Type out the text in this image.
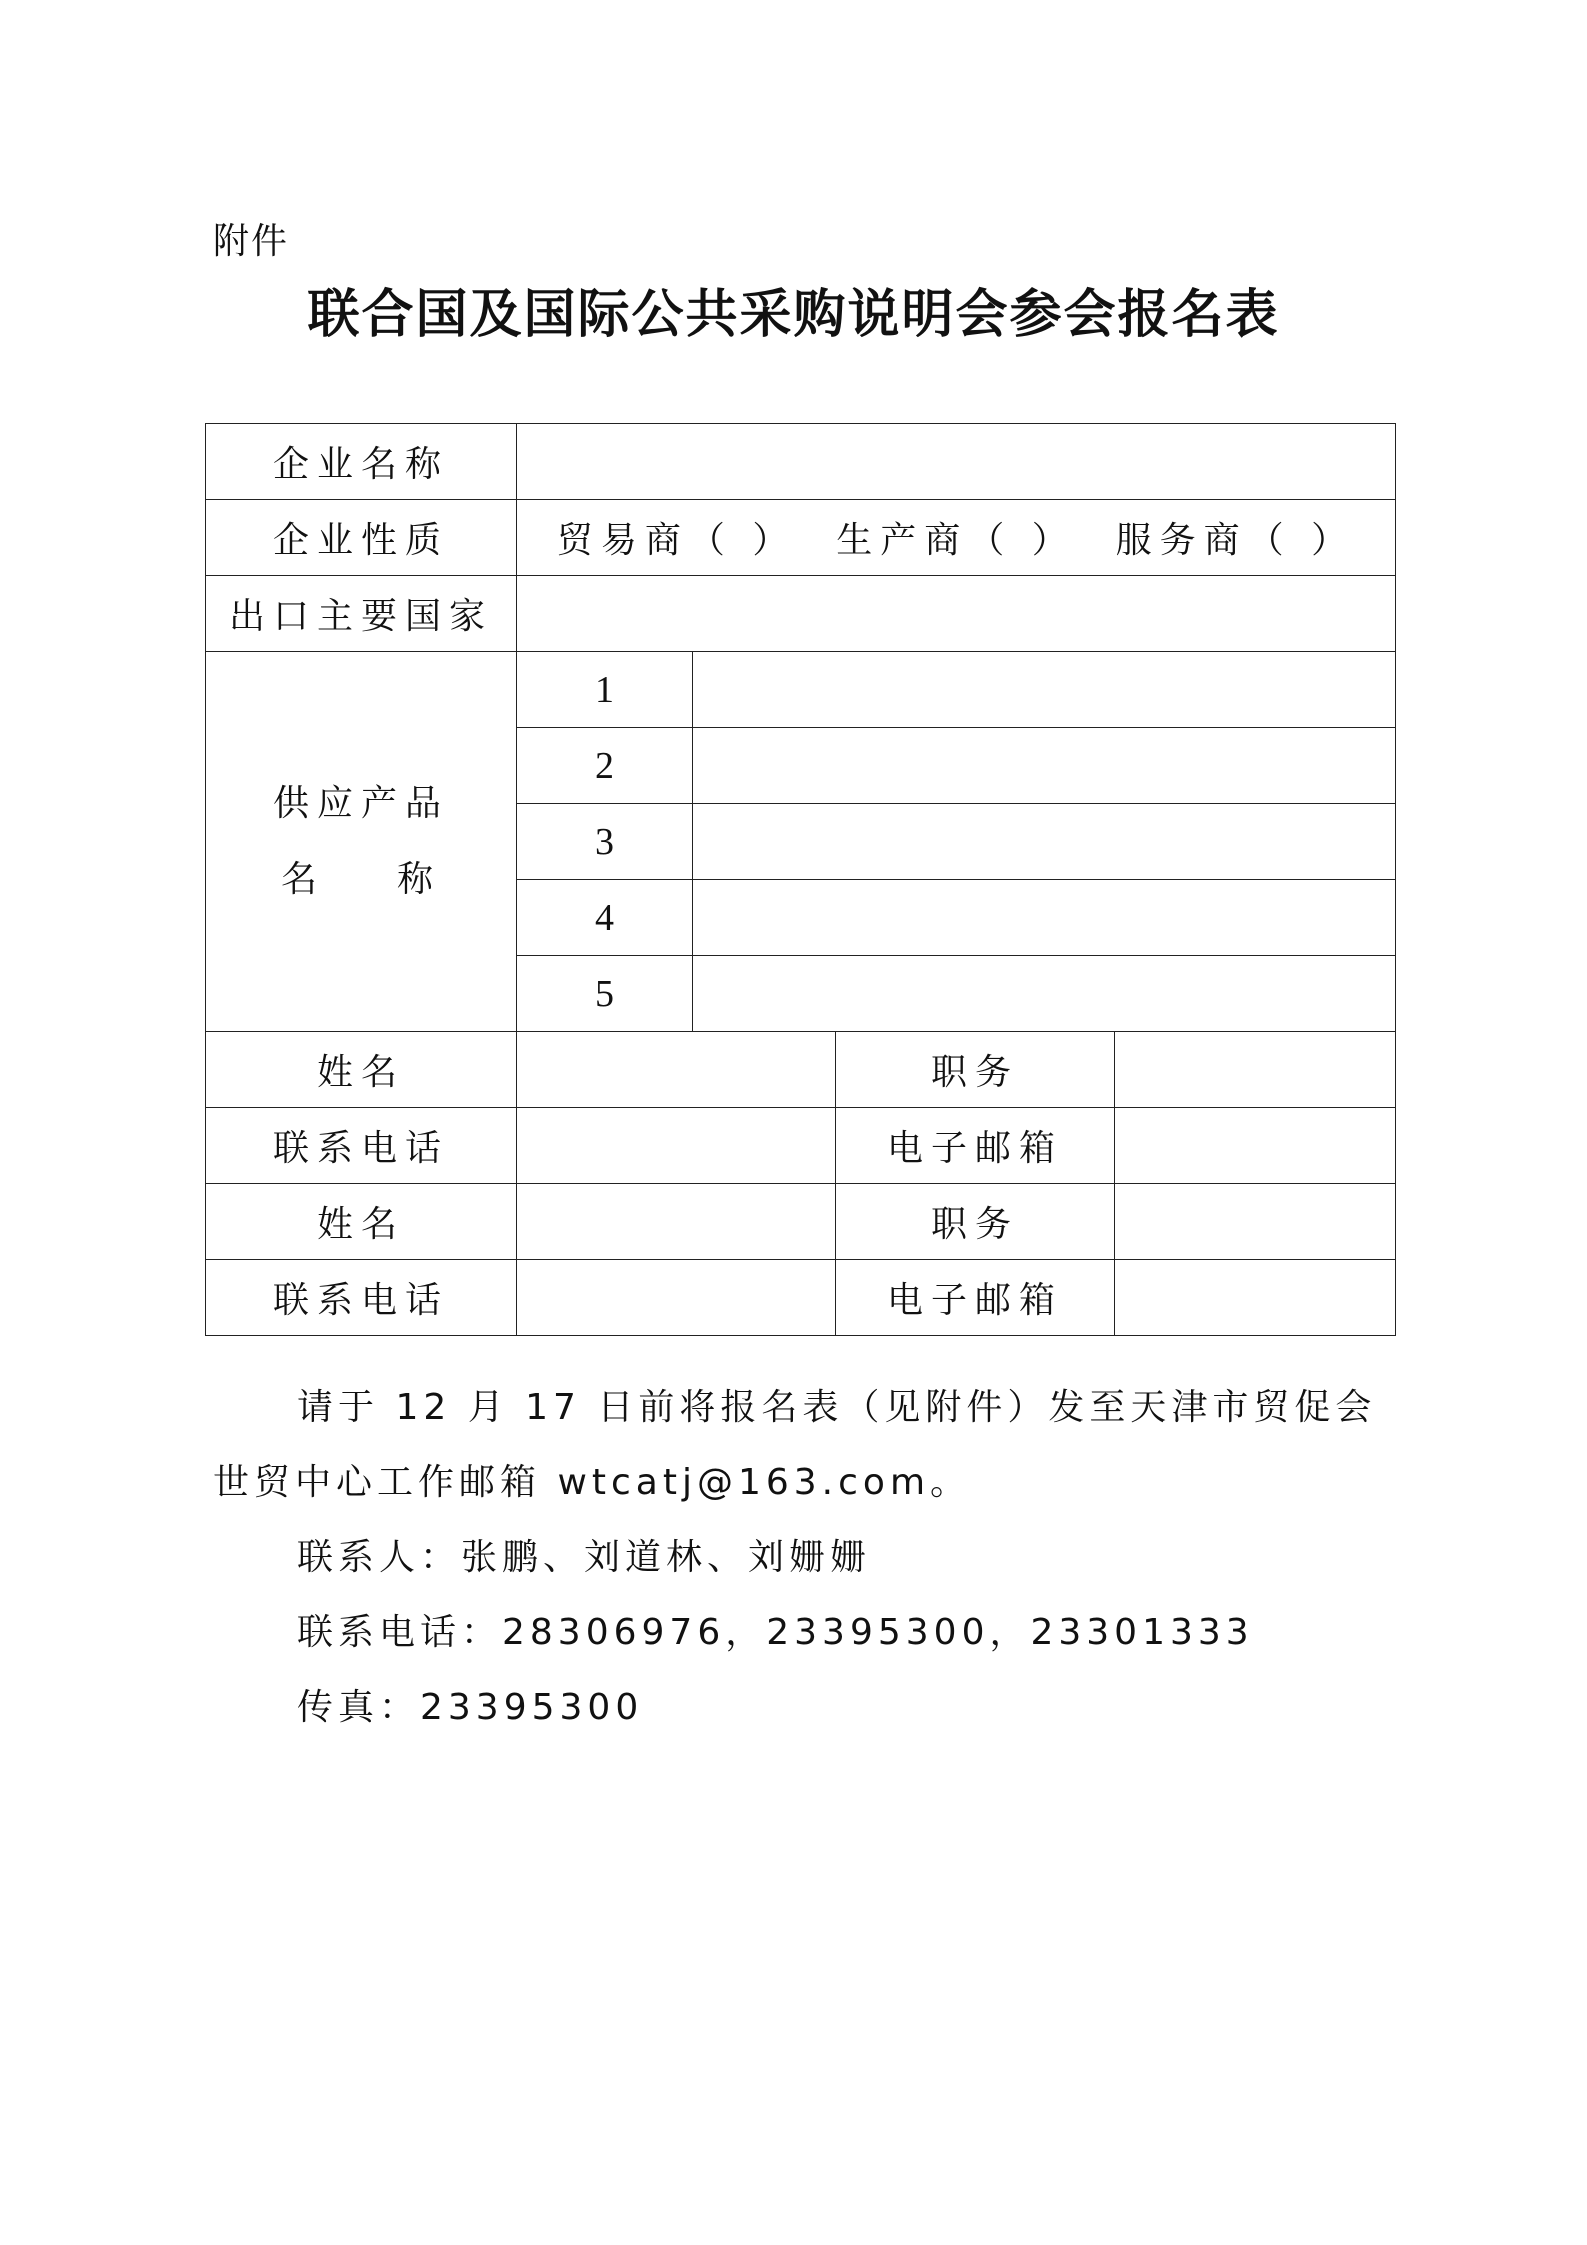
附件
联合国及国际公共采购说明会参会报名表
企业名称				
企业性质	贸易商（ ） 生产商（ ） 服务商（ ）			

出口主要国家				

供应产品
名 称	1			
	2			
	3			
	4			
	5			
姓名			职务	
联系电话			电子邮箱	
姓名			职务	
联系电话			电子邮箱	

请于 12 月 17 日前将报名表（见附件）发至天津市贸促会世贸中心工作邮箱 wtcatj@163.com。

联系人：张鹏、刘道林、刘姗姗

联系电话：28306976，23395300，23301333

传真：23395300
